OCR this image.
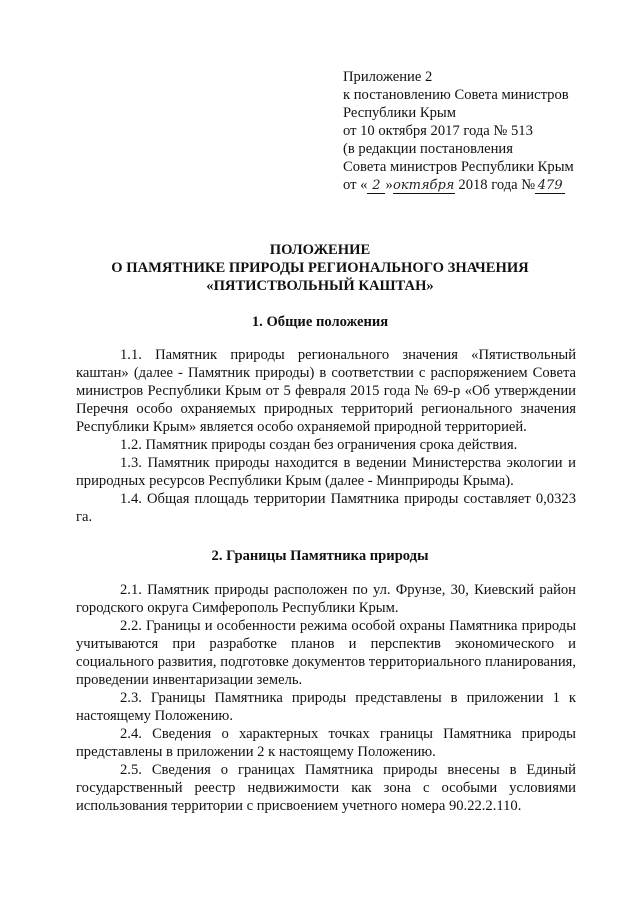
Приложение 2
к постановлению Совета министров
Республики Крым
от 10 октября 2017 года № 513
(в редакции постановления
Совета министров Республики Крым
от « 2 »октября 2018 года № 479
ПОЛОЖЕНИЕ
О ПАМЯТНИКЕ ПРИРОДЫ РЕГИОНАЛЬНОГО ЗНАЧЕНИЯ
«ПЯТИСТВОЛЬНЫЙ КАШТАН»
1. Общие положения

1.1. Памятник природы регионального значения «Пятиствольный каштан» (далее - Памятник природы) в соответствии с распоряжением Совета министров Республики Крым от 5 февраля 2015 года № 69-р «Об утверждении Перечня особо охраняемых природных территорий регионального значения Республики Крым» является особо охраняемой природной территорией.

1.2. Памятник природы создан без ограничения срока действия.

1.3. Памятник природы находится в ведении Министерства экологии и природных ресурсов Республики Крым (далее - Минприроды Крыма).

1.4. Общая площадь территории Памятника природы составляет 0,0323 га.

2. Границы Памятника природы

2.1. Памятник природы расположен по ул. Фрунзе, 30, Киевский район городского округа Симферополь Республики Крым.

2.2. Границы и особенности режима особой охраны Памятника природы учитываются при разработке планов и перспектив экономического и социального развития, подготовке документов территориального планирования, проведении инвентаризации земель.

2.3. Границы Памятника природы представлены в приложении 1 к настоящему Положению.

2.4. Сведения о характерных точках границы Памятника природы представлены в приложении 2 к настоящему Положению.

2.5. Сведения о границах Памятника природы внесены в Единый государственный реестр недвижимости как зона с особыми условиями использования территории с присвоением учетного номера 90.22.2.110.
